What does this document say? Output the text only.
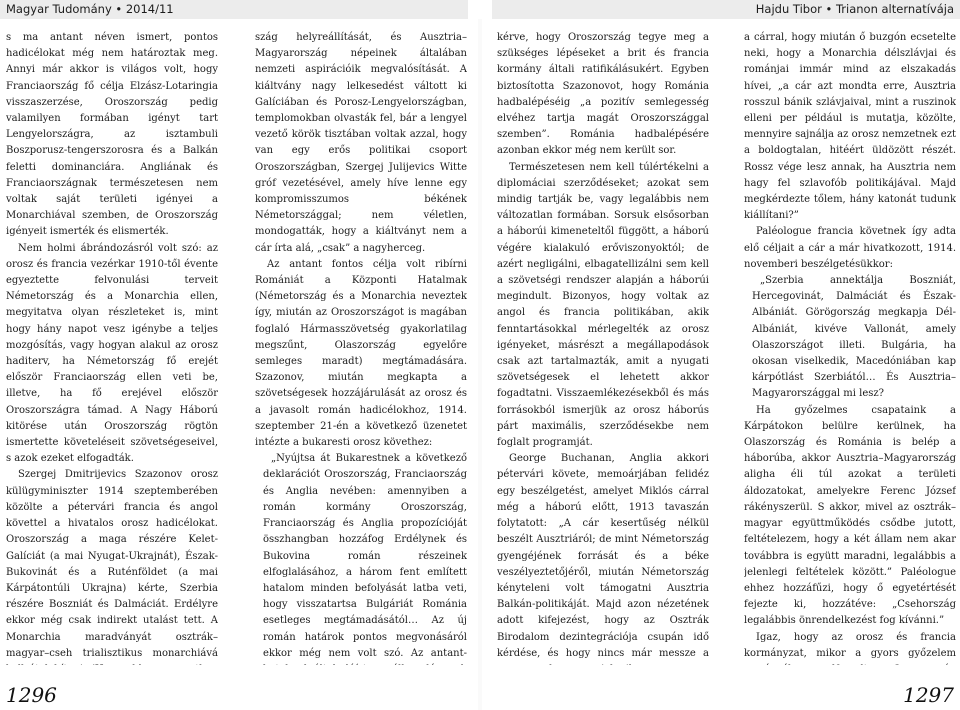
Magyar Tudomány • 2014/11	Hajdu Tibor • Trianon alternatívája

s ma antant néven ismert, pontos hadicélokat még nem határoztak meg. Annyi már akkor is világos volt, hogy Franciaország fő célja Elzász-Lotaringia visszaszerzése, Oroszország pedig valamilyen formában igényt tart Lengyelországra, az isztambuli Boszporusz-tengerszorosra és a Balkán feletti dominanciára. Angliának és Franciaországnak természetesen nem voltak saját területi igényei a Monarchiával szemben, de Oroszország igényeit ismerték és elismerték.

Nem holmi ábrándozásról volt szó: az orosz és francia vezérkar 1910-től évente egyeztette felvonulási terveit Németország és a Monarchia ellen, megyitatva olyan részleteket is, mint hogy hány napot vesz igénybe a teljes mozgósítás, vagy hogyan alakul az orosz haditerv, ha Németország fő erejét először Franciaország ellen veti be, illetve, ha fő erejével először Oroszországra támad. A Nagy Háború kitörése után Oroszország rögtön ismertette követeléseit szövetségeseivel, s azok ezeket elfogadták.

Szergej Dmitrijevics Szazonov orosz külügyminiszter 1914 szeptemberében közölte a pétervári francia és angol követtel a hivatalos orosz hadicélokat. Oroszország a maga részére Kelet-Galíciát (a mai Nyugat-Ukrajnát), Észak-Bukovinát és a Ruténföldet (a mai Kárpátontúli Ukrajna) kérte, Szerbia részére Boszniát és Dalmáciát. Erdélyre ekkor még csak indirekt utalást tett. A Monarchia maradványát osztrák–magyar–cseh trialisztikus monarchiává

szág helyreállítását, és Ausztria–Magyarország népeinek általában nemzeti aspirációik megvalósítását. A kiáltvány nagy lelkesedést váltott ki Galíciában és Porosz-Lengyelországban, templomokban olvasták fel, bár a lengyel vezető körök tisztában voltak azzal, hogy van egy erős politikai csoport Oroszországban, Szergej Julijevics Witte gróf vezetésével, amely híve lenne egy kompromisszumos békének Németországgal; nem véletlen, mondogatták, hogy a kiáltványt nem a cár írta alá, „csak” a nagyherceg.

Az antant fontos célja volt ribírni Romániát a Központi Hatalmak (Németország és a Monarchia neveztek így, miután az Oroszországot is magában foglaló Hármasszövetség gyakorlatilag megszűnt, Olaszország egyelőre semleges maradt) megtámadására. Szazonov, miután megkapta a szövetségesek hozzájárulását az orosz és a javasolt román hadicélokhoz, 1914. szeptember 21-én a következő üzenetet intézte a bukaresti orosz követhez:

„Nyújtsa át Bukarestnek a következő deklarációt Oroszország, Franciaország és Anglia nevében: amennyiben a román kormány Oroszország, Franciaország és Anglia propozícióját összhangban hozzáfog Erdélynek és Bukovina román részeinek elfoglalásához, a három fent említett hatalom minden befolyását latba veti, hogy visszatartsa Bulgáriát Románia esetleges megtámadásától… Az új román határok pontos megvonásáról ekkor még nem volt szó. Az antant-

kérve, hogy Oroszország tegye meg a szükséges lépéseket a brit és francia kormány általi ratifikálásukért. Egyben biztosította Szazonovot, hogy Románia hadbalépéséig „a pozitív semlegesség elvéhez tartja magát Oroszországgal szemben”. Románia hadbalépésére azonban ekkor még nem került sor.

Természetesen nem kell túlértékelni a diplomáciai szerződéseket; azokat sem mindig tartják be, vagy legalábbis nem változatlan formában. Sorsuk elsősorban a háborúi kimeneteltől függött, a háború végére kialakuló erőviszonyoktól; de azért negligálni, elbagatellizálni sem kell a szövetségi rendszer alapján a háborúi megindult. Bizonyos, hogy voltak az angol és francia politikában, akik fenntartásokkal mérlegelték az orosz igényeket, másrészt a megállapodások csak azt tartalmazták, amit a nyugati szövetségesek el lehetett akkor fogadtatni. Visszaemlékezésekből és más forrásokból ismerjük az orosz háborús párt maximális, szerződésekbe nem foglalt programját.

George Buchanan, Anglia akkori pétervári követe, memoárjában felidéz egy beszélgetést, amelyet Miklós cárral még a háború előtt, 1913 tavaszán folytatott: „A cár kesertűség nélkül beszélt Ausztriáról; de mint Németország gyengéjének forrását és a béke veszélyeztetőjéről, miután Németország kényteleni volt támogatni Ausztria Balkán-politikáját. Majd azon nézetének adott kifejezést, hogy az Osztrák Birodalom dezintegrációja csupán idő kérdése, és hogy nincs már messze a

a cárral, hogy miután ő buzgón ecsetelte neki, hogy a Monarchia délszlávjai és románjai immár mind az elszakadás hívei, „a cár azt mondta erre, Ausztria rosszul bánik szlávjaival, mint a ruszinok elleni per például is mutatja, közölte, mennyire sajnálja az orosz nemzetnek ezt a boldogtalan, hitéért üldözött részét. Rossz vége lesz annak, ha Ausztria nem hagy fel szlavofób politikájával. Majd megkérdezte tőlem, hány katonát tudunk kiállítani?”

Paléologue francia követnek így adta elő céljait a cár a már hivatkozott, 1914. novemberi beszélgetésükkor:

„Szerbia annektálja Boszniát, Hercegovinát, Dalmáciát és Észak-Albániát. Görögország megkapja Dél-Albániát, kivéve Vallonát, amely Olaszországot illeti. Bulgária, ha okosan viselkedik, Macedóniában kap kárpótlást Szerbiától… És Ausztria–Magyarországgal mi lesz?

Ha győzelmes csapataink a Kárpátokon belülre kerülnek, ha Olaszország és Románia is belép a háborúba, akkor Ausztria–Magyarország aligha éli túl azokat a területi áldozatokat, amelyekre Ferenc József rákényszerül. S akkor, mivel az osztrák–magyar együttműködés csődbe jutott, feltételezem, hogy a két állam nem akar továbbra is együtt maradni, legalábbis a jelenlegi feltételek között.” Paléologue ehhez hozzáfűzi, hogy ő egyetértését fejezte ki, hozzátéve: „Csehország legalábbis önrendelkezést fog kívánni.”

Igaz, hogy az orosz és francia kormányzat, mikor a gyors győzelem

1296	1297
